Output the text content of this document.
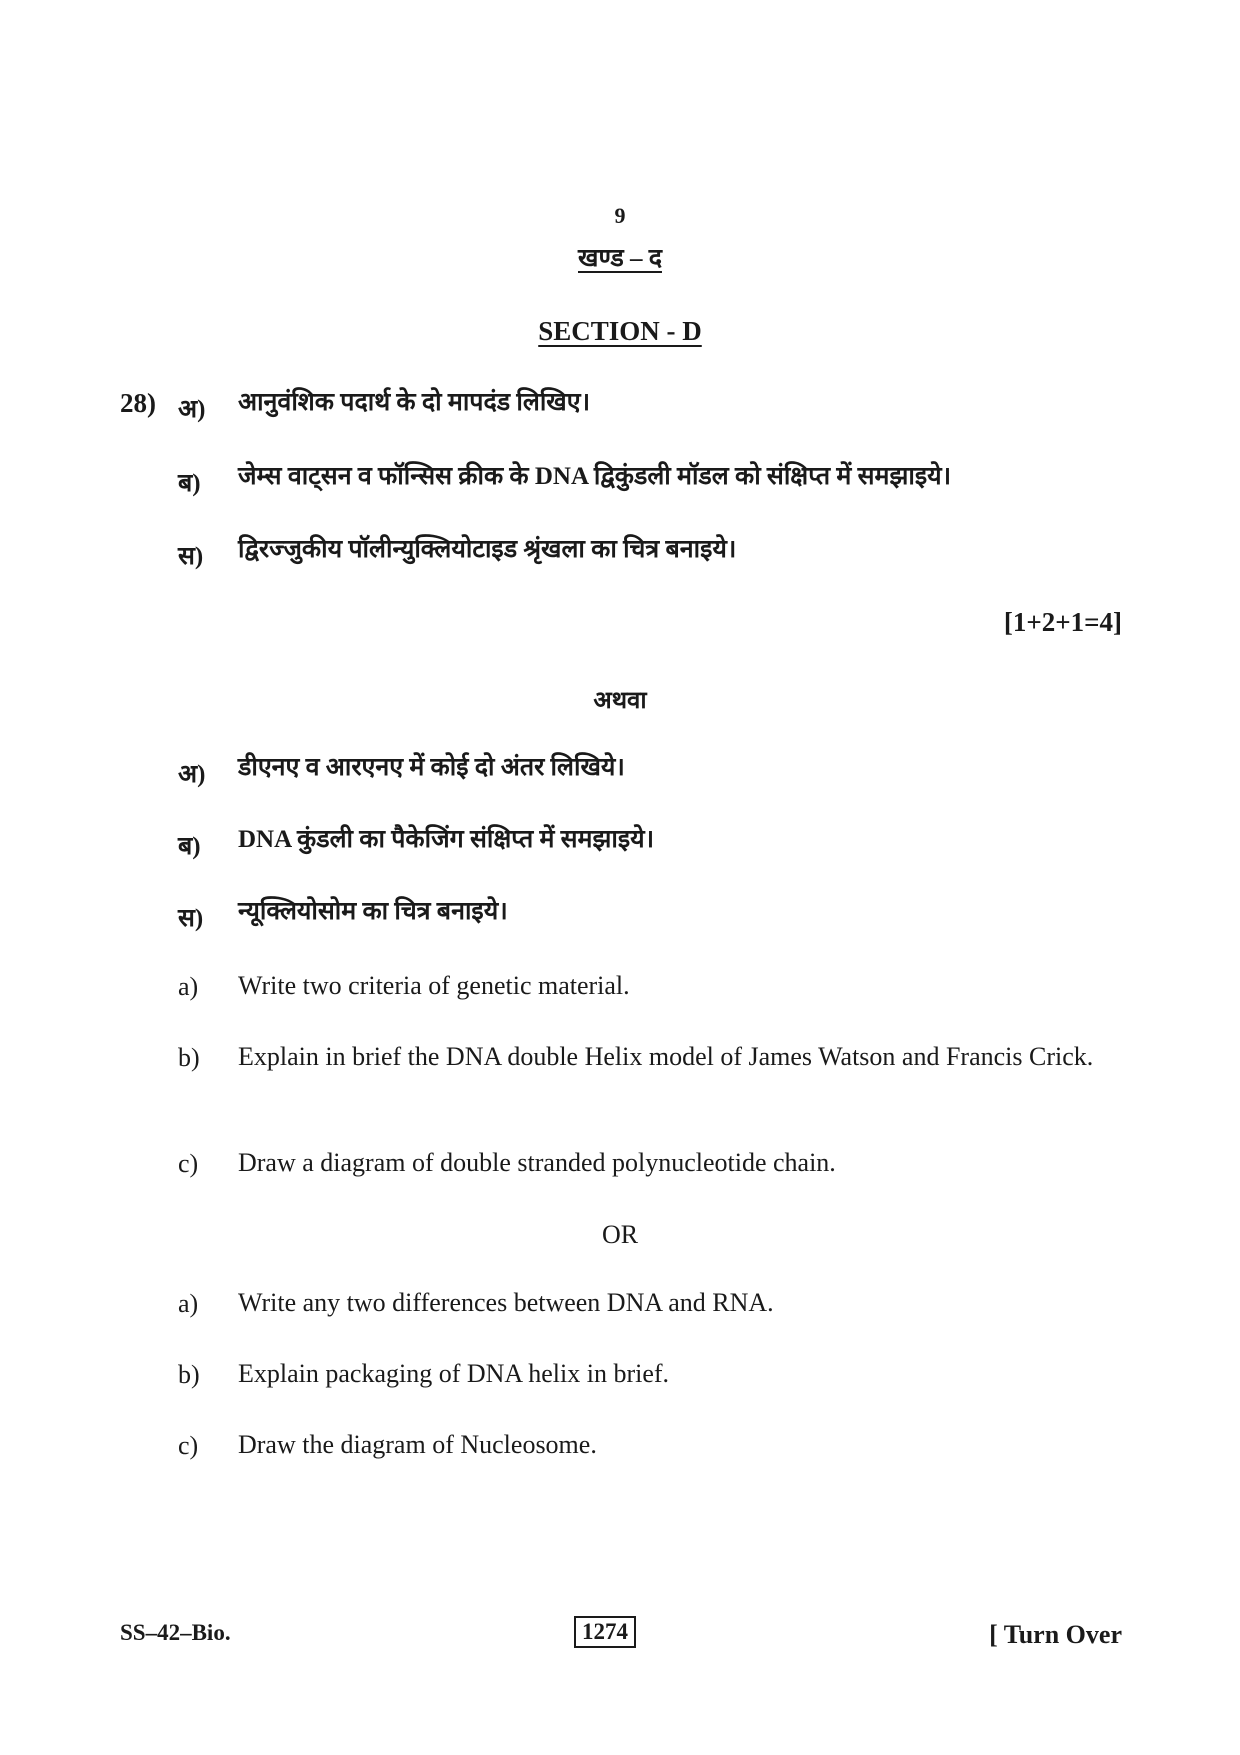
9
खण्ड – द
SECTION - D
28) अ) आनुवंशिक पदार्थ के दो मापदंड लिखिए।
ब) जेम्स वाट्सन व फॉन्सिस क्रीक के DNA द्विकुंडली मॉडल को संक्षिप्त में समझाइये।
स) द्विरज्जुकीय पॉलीन्युक्लियोटाइड श्रृंखला का चित्र बनाइये।
[1+2+1=4]
अथवा
अ) डीएनए व आरएनए में कोई दो अंतर लिखिये।
ब) DNA कुंडली का पैकेजिंग संक्षिप्त में समझाइये।
स) न्यूक्लियोसोम का चित्र बनाइये।
a) Write two criteria of genetic material.
b) Explain in brief the DNA double Helix model of James Watson and Francis Crick.
c) Draw a diagram of double stranded polynucleotide chain.
OR
a) Write any two differences between DNA and RNA.
b) Explain packaging of DNA helix in brief.
c) Draw the diagram of Nucleosome.
SS–42–Bio.	1274	[ Turn Over
